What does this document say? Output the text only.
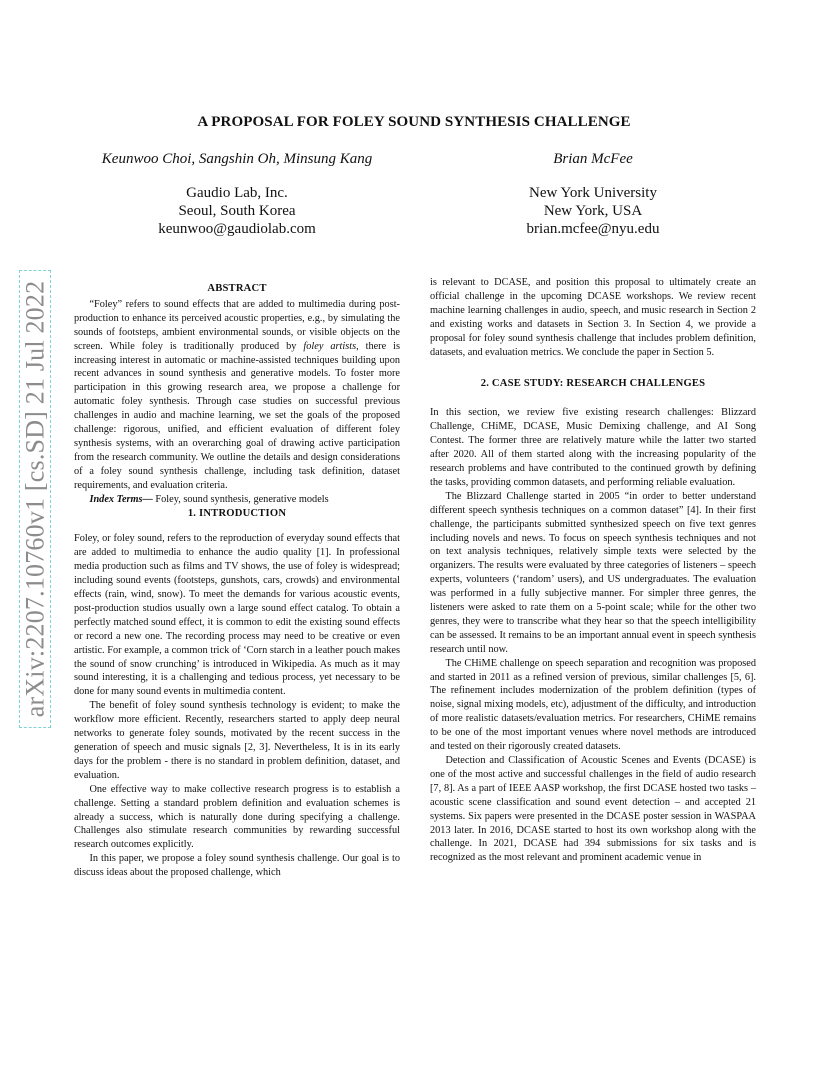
arXiv:2207.10760v1 [cs.SD] 21 Jul 2022
A PROPOSAL FOR FOLEY SOUND SYNTHESIS CHALLENGE
Keunwoo Choi, Sangshin Oh, Minsung Kang
Gaudio Lab, Inc.
Seoul, South Korea
keunwoo@gaudiolab.com
Brian McFee
New York University
New York, USA
brian.mcfee@nyu.edu
ABSTRACT

“Foley” refers to sound effects that are added to multimedia during post-production to enhance its perceived acoustic properties, e.g., by simulating the sounds of footsteps, ambient environmental sounds, or visible objects on the screen. While foley is traditionally produced by foley artists, there is increasing interest in automatic or machine-assisted techniques building upon recent advances in sound synthesis and generative models. To foster more participation in this growing research area, we propose a challenge for automatic foley synthesis. Through case studies on successful previous challenges in audio and machine learning, we set the goals of the proposed challenge: rigorous, unified, and efficient evaluation of different foley synthesis systems, with an overarching goal of drawing active participation from the research community. We outline the details and design considerations of a foley sound synthesis challenge, including task definition, dataset requirements, and evaluation criteria.

Index Terms— Foley, sound synthesis, generative models

1. INTRODUCTION

Foley, or foley sound, refers to the reproduction of everyday sound effects that are added to multimedia to enhance the audio quality [1]. In professional media production such as films and TV shows, the use of foley is widespread; including sound events (footsteps, gunshots, cars, crowds) and environmental effects (rain, wind, snow). To meet the demands for various acoustic events, post-production studios usually own a large sound effect catalog. To obtain a perfectly matched sound effect, it is common to edit the existing sound effects or record a new one. The recording process may need to be creative or even artistic. For example, a common trick of ‘Corn starch in a leather pouch makes the sound of snow crunching’ is introduced in Wikipedia. As much as it may sound interesting, it is a challenging and tedious process, yet necessary to be done for many sound events in multimedia content.

The benefit of foley sound synthesis technology is evident; to make the workflow more efficient. Recently, researchers started to apply deep neural networks to generate foley sounds, motivated by the recent success in the generation of speech and music signals [2, 3]. Nevertheless, It is in its early days for the problem - there is no standard in problem definition, dataset, and evaluation.

One effective way to make collective research progress is to establish a challenge. Setting a standard problem definition and evaluation schemes is already a success, which is naturally done during specifying a challenge. Challenges also stimulate research communities by rewarding successful research outcomes explicitly.

In this paper, we propose a foley sound synthesis challenge. Our goal is to discuss ideas about the proposed challenge, which

is relevant to DCASE, and position this proposal to ultimately create an official challenge in the upcoming DCASE workshops. We review recent machine learning challenges in audio, speech, and music research in Section 2 and existing works and datasets in Section 3. In Section 4, we provide a proposal for foley sound synthesis challenge that includes problem definition, datasets, and evaluation metrics. We conclude the paper in Section 5.

2. CASE STUDY: RESEARCH CHALLENGES

In this section, we review five existing research challenges: Blizzard Challenge, CHiME, DCASE, Music Demixing challenge, and AI Song Contest. The former three are relatively mature while the latter two started after 2020. All of them started along with the increasing popularity of the research problems and have contributed to the continued growth by defining the tasks, providing common datasets, and performing reliable evaluation.

The Blizzard Challenge started in 2005 “in order to better understand different speech synthesis techniques on a common dataset” [4]. In their first challenge, the participants submitted synthesized speech on five text genres including novels and news. To focus on speech synthesis techniques and not on text analysis techniques, relatively simple texts were selected by the organizers. The results were evaluated by three categories of listeners – speech experts, volunteers (‘random’ users), and US undergraduates. The evaluation was performed in a fully subjective manner. For simpler three genres, the listeners were asked to rate them on a 5-point scale; while for the other two genres, they were to transcribe what they hear so that the speech intelligibility can be assessed. It remains to be an important annual event in speech synthesis research until now.

The CHiME challenge on speech separation and recognition was proposed and started in 2011 as a refined version of previous, similar challenges [5, 6]. The refinement includes modernization of the problem definition (types of noise, signal mixing models, etc), adjustment of the difficulty, and introduction of more realistic datasets/evaluation metrics. For researchers, CHiME remains to be one of the most important venues where novel methods are introduced and tested on their rigorously created datasets.

Detection and Classification of Acoustic Scenes and Events (DCASE) is one of the most active and successful challenges in the field of audio research [7, 8]. As a part of IEEE AASP workshop, the first DCASE hosted two tasks – acoustic scene classification and sound event detection – and accepted 21 systems. Six papers were presented in the DCASE poster session in WASPAA 2013 later. In 2016, DCASE started to host its own workshop along with the challenge. In 2021, DCASE had 394 submissions for six tasks and is recognized as the most relevant and prominent academic venue in
